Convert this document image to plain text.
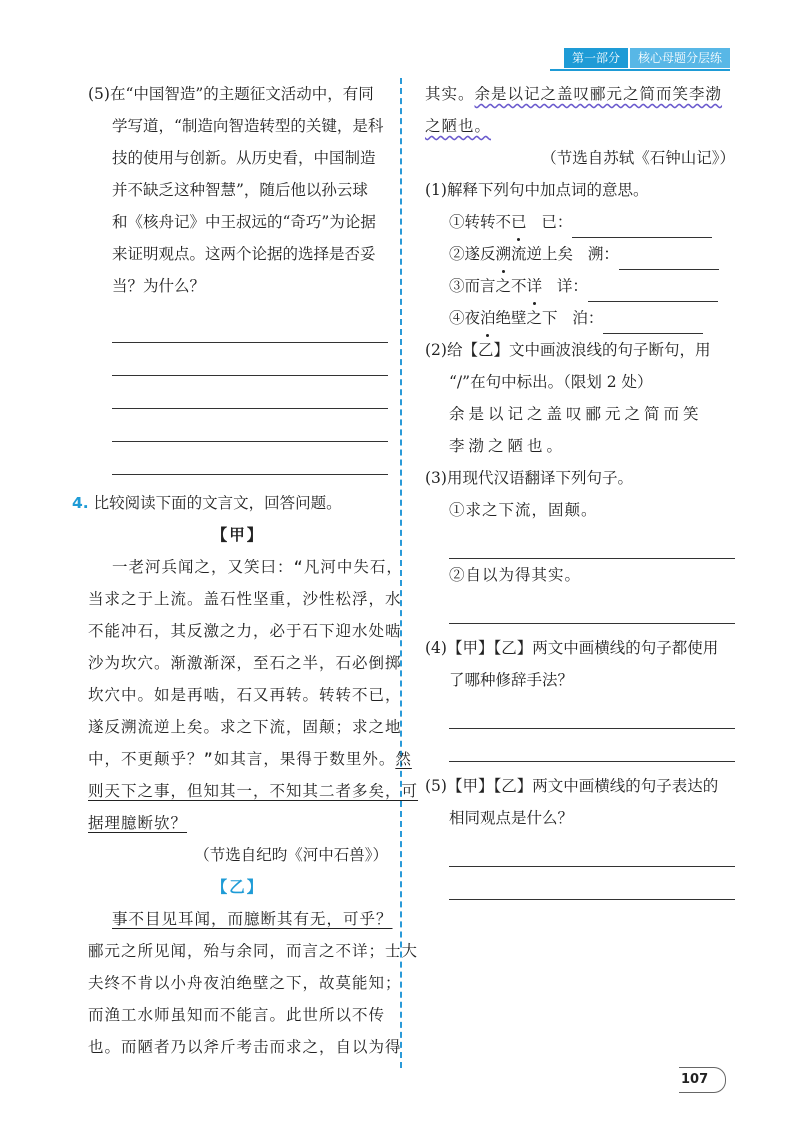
第一部分	核心母题分层练
(5)在“中国智造”的主题征文活动中，有同
学写道，“制造向智造转型的关键，是科
技的使用与创新。从历史看，中国制造
并不缺乏这种智慧”，随后他以孙云球
和《核舟记》中王叔远的“奇巧”为论据
来证明观点。这两个论据的选择是否妥
当？为什么？
4. 比较阅读下面的文言文，回答问题。
【甲】
一老河兵闻之，又笑曰：“凡河中失石，
当求之于上流。盖石性坚重，沙性松浮，水
不能冲石，其反激之力，必于石下迎水处啮
沙为坎穴。渐激渐深，至石之半，石必倒掷
坎穴中。如是再啮，石又再转。转转不已，
遂反溯流逆上矣。求之下流，固颠；求之地
中，不更颠乎？”如其言，果得于数里外。然
则天下之事，但知其一，不知其二者多矣，可
据理臆断欤？
（节选自纪昀《河中石兽》）
【乙】
事不目见耳闻，而臆断其有无，可乎？
郦元之所见闻，殆与余同，而言之不详；士大
夫终不肯以小舟夜泊绝壁之下，故莫能知；
而渔工水师虽知而不能言。此世所以不传
也。而陋者乃以斧斤考击而求之，自以为得
其实。余是以记之盖叹郦元之简而笑李渤
之陋也。
（节选自苏轼《石钟山记》）
(1)解释下列句中加点词的意思。
①转转不已 已：
②遂反溯流逆上矣 溯：
③而言之不详 详：
④夜泊绝壁之下 泊：
(2)给【乙】文中画波浪线的句子断句，用
“/”在句中标出。（限划 2 处）
余是以记之盖叹郦元之简而笑
李渤之陋也。
(3)用现代汉语翻译下列句子。
①求之下流，固颠。
②自以为得其实。
(4)【甲】【乙】两文中画横线的句子都使用
了哪种修辞手法？
(5)【甲】【乙】两文中画横线的句子表达的
相同观点是什么？
107
